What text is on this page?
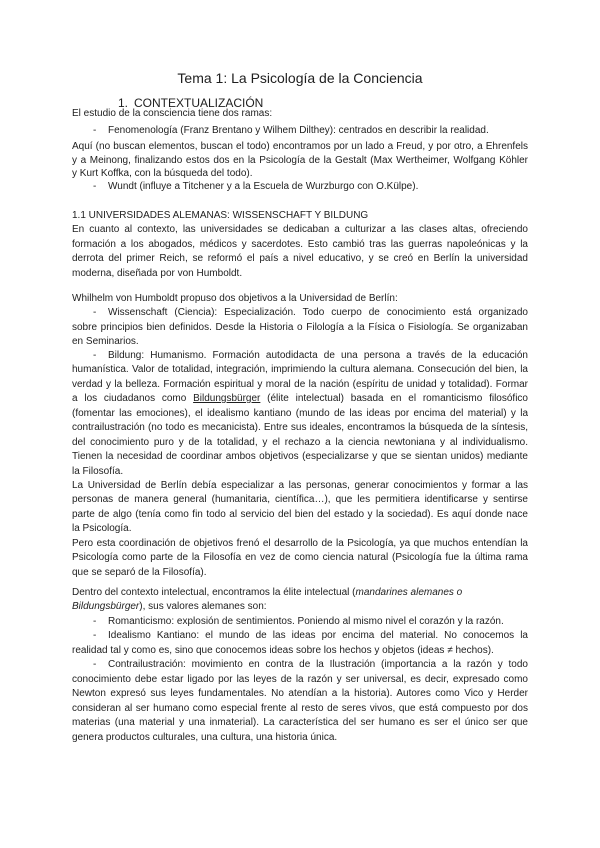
Tema 1: La Psicología de la Conciencia
1. CONTEXTUALIZACIÓN
El estudio de la consciencia tiene dos ramas:
- Fenomenología (Franz Brentano y Wilhem Dilthey): centrados en describir la realidad.
Aquí (no buscan elementos, buscan el todo) encontramos por un lado a Freud, y por otro, a Ehrenfels
y a Meinong, finalizando estos dos en la Psicología de la Gestalt (Max Wertheimer, Wolfgang Köhler
y Kurt Koffka, con la búsqueda del todo).
- Wundt (influye a Titchener y a la Escuela de Wurzburgo con O.Külpe).
1.1 UNIVERSIDADES ALEMANAS: WISSENSCHAFT Y BILDUNG
En cuanto al contexto, las universidades se dedicaban a culturizar a las clases altas, ofreciendo
formación a los abogados, médicos y sacerdotes. Esto cambió tras las guerras napoleónicas y la
derrota del primer Reich, se reformó el país a nivel educativo, y se creó en Berlín la universidad
moderna, diseñada por von Humboldt.
Whilhelm von Humboldt propuso dos objetivos a la Universidad de Berlín:
- Wissenschaft (Ciencia): Especialización. Todo cuerpo de conocimiento está organizado
sobre principios bien definidos. Desde la Historia o Filología a la Física o Fisiología. Se organizaban
en Seminarios.
- Bildung: Humanismo. Formación autodidacta de una persona a través de la educación
humanística. Valor de totalidad, integración, imprimiendo la cultura alemana. Consecución del bien, la
verdad y la belleza. Formación espiritual y moral de la nación (espíritu de unidad y totalidad). Formar
a los ciudadanos como Bildungsbürger (élite intelectual) basada en el romanticismo filosófico
(fomentar las emociones), el idealismo kantiano (mundo de las ideas por encima del material) y la
contrailustración (no todo es mecanicista). Entre sus ideales, encontramos la búsqueda de la síntesis,
del conocimiento puro y de la totalidad, y el rechazo a la ciencia newtoniana y al individualismo.
Tienen la necesidad de coordinar ambos objetivos (especializarse y que se sientan unidos) mediante
la Filosofía.
La Universidad de Berlín debía especializar a las personas, generar conocimientos y formar a las
personas de manera general (humanitaria, científica…), que les permitiera identificarse y sentirse
parte de algo (tenía como fin todo al servicio del bien del estado y la sociedad). Es aquí donde nace
la Psicología.
Pero esta coordinación de objetivos frenó el desarrollo de la Psicología, ya que muchos entendían la
Psicología como parte de la Filosofía en vez de como ciencia natural (Psicología fue la última rama
que se separó de la Filosofía).
Dentro del contexto intelectual, encontramos la élite intelectual (mandarines alemanes o
Bildungsbürger), sus valores alemanes son:
- Romanticismo: explosión de sentimientos. Poniendo al mismo nivel el corazón y la razón.
- Idealismo Kantiano: el mundo de las ideas por encima del material. No conocemos la
realidad tal y como es, sino que conocemos ideas sobre los hechos y objetos (ideas ≠ hechos).
- Contrailustración: movimiento en contra de la Ilustración (importancia a la razón y todo
conocimiento debe estar ligado por las leyes de la razón y ser universal, es decir, expresado como
Newton expresó sus leyes fundamentales. No atendían a la historia). Autores como Vico y Herder
consideran al ser humano como especial frente al resto de seres vivos, que está compuesto por dos
materias (una material y una inmaterial). La característica del ser humano es ser el único ser que
genera productos culturales, una cultura, una historia única.
